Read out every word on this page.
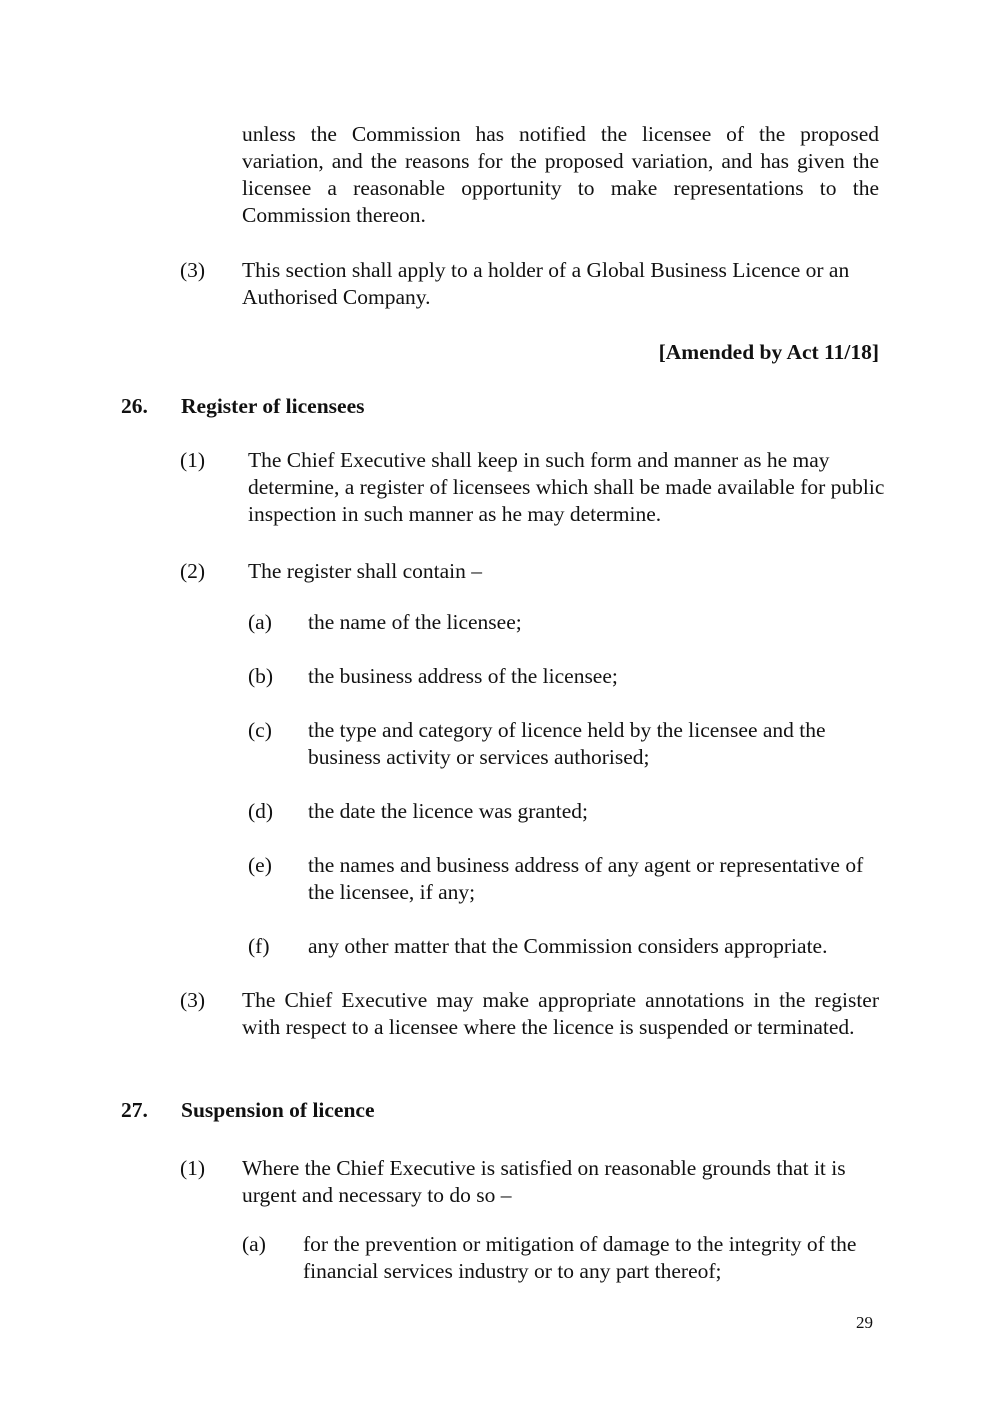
unless the Commission has notified the licensee of the proposed variation, and the reasons for the proposed variation, and has given the licensee a reasonable opportunity to make representations to the Commission thereon.

(3) This section shall apply to a holder of a Global Business Licence or an Authorised Company.

[Amended by Act 11/18]

26. Register of licensees
(1) The Chief Executive shall keep in such form and manner as he may determine, a register of licensees which shall be made available for public inspection in such manner as he may determine.

(2) The register shall contain –

(a) the name of the licensee;

(b) the business address of the licensee;

(c) the type and category of licence held by the licensee and the business activity or services authorised;

(d) the date the licence was granted;

(e) the names and business address of any agent or representative of the licensee, if any;

(f) any other matter that the Commission considers appropriate.

(3) The Chief Executive may make appropriate annotations in the register with respect to a licensee where the licence is suspended or terminated.

27. Suspension of licence
(1) Where the Chief Executive is satisfied on reasonable grounds that it is urgent and necessary to do so –

(a) for the prevention or mitigation of damage to the integrity of the financial services industry or to any part thereof;

29
